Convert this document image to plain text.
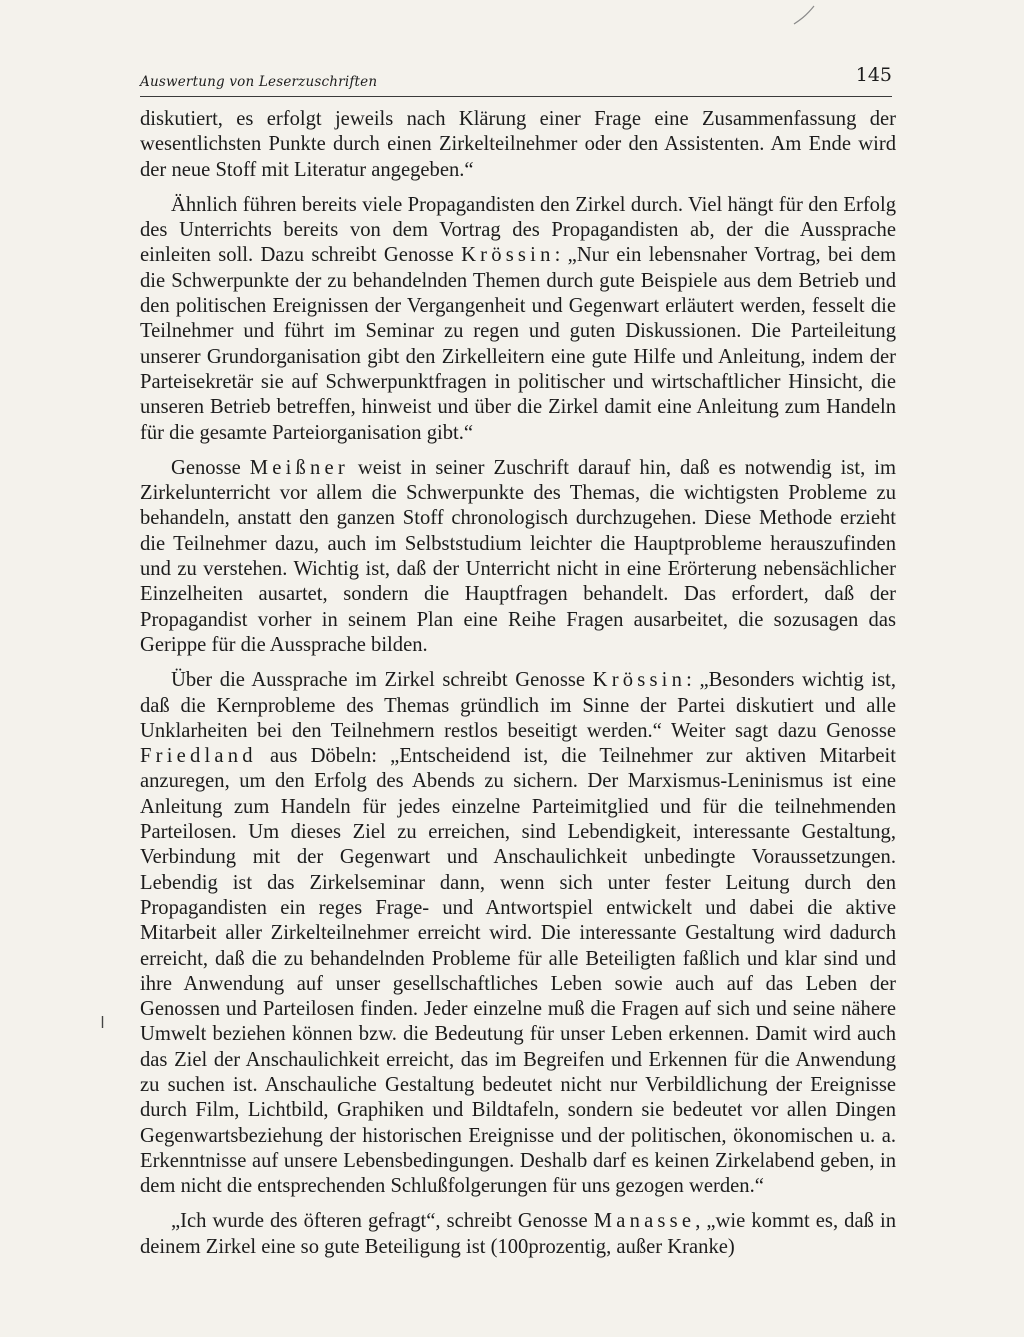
Auswertung von Leserzuschriften	145

diskutiert, es erfolgt jeweils nach Klärung einer Frage eine Zusammenfassung der wesentlichsten Punkte durch einen Zirkelteilnehmer oder den Assistenten. Am Ende wird der neue Stoff mit Literatur angegeben.“

Ähnlich führen bereits viele Propagandisten den Zirkel durch. Viel hängt für den Erfolg des Unterrichts bereits von dem Vortrag des Propagandisten ab, der die Aussprache einleiten soll. Dazu schreibt Genosse Krössin: „Nur ein lebensnaher Vortrag, bei dem die Schwerpunkte der zu behandelnden Themen durch gute Beispiele aus dem Betrieb und den politischen Ereignissen der Vergangenheit und Gegenwart erläutert werden, fesselt die Teilnehmer und führt im Seminar zu regen und guten Diskussionen. Die Parteileitung unserer Grundorganisation gibt den Zirkelleitern eine gute Hilfe und Anleitung, indem der Parteisekretär sie auf Schwerpunktfragen in politischer und wirtschaftlicher Hinsicht, die unseren Betrieb betreffen, hinweist und über die Zirkel damit eine Anleitung zum Handeln für die gesamte Parteiorganisation gibt.“

Genosse Meißner weist in seiner Zuschrift darauf hin, daß es notwendig ist, im Zirkelunterricht vor allem die Schwerpunkte des Themas, die wichtigsten Probleme zu behandeln, anstatt den ganzen Stoff chronologisch durchzugehen. Diese Methode erzieht die Teilnehmer dazu, auch im Selbststudium leichter die Hauptprobleme herauszufinden und zu verstehen. Wichtig ist, daß der Unterricht nicht in eine Erörterung nebensächlicher Einzelheiten ausartet, sondern die Hauptfragen behandelt. Das erfordert, daß der Propagandist vorher in seinem Plan eine Reihe Fragen ausarbeitet, die sozusagen das Gerippe für die Aussprache bilden.

Über die Aussprache im Zirkel schreibt Genosse Krössin: „Besonders wichtig ist, daß die Kernprobleme des Themas gründlich im Sinne der Partei diskutiert und alle Unklarheiten bei den Teilnehmern restlos beseitigt werden.“ Weiter sagt dazu Genosse Friedland aus Döbeln: „Entscheidend ist, die Teilnehmer zur aktiven Mitarbeit anzuregen, um den Erfolg des Abends zu sichern. Der Marxismus-Leninismus ist eine Anleitung zum Handeln für jedes einzelne Parteimitglied und für die teilnehmenden Parteilosen. Um dieses Ziel zu erreichen, sind Lebendigkeit, interessante Gestaltung, Verbindung mit der Gegenwart und Anschaulichkeit unbedingte Voraussetzungen. Lebendig ist das Zirkelseminar dann, wenn sich unter fester Leitung durch den Propagandisten ein reges Frage- und Antwortspiel entwickelt und dabei die aktive Mitarbeit aller Zirkelteilnehmer erreicht wird. Die interessante Gestaltung wird dadurch erreicht, daß die zu behandelnden Probleme für alle Beteiligten faßlich und klar sind und ihre Anwendung auf unser gesellschaftliches Leben sowie auch auf das Leben der Genossen und Parteilosen finden. Jeder einzelne muß die Fragen auf sich und seine nähere Umwelt beziehen können bzw. die Bedeutung für unser Leben erkennen. Damit wird auch das Ziel der Anschaulichkeit erreicht, das im Begreifen und Erkennen für die Anwendung zu suchen ist. Anschauliche Gestaltung bedeutet nicht nur Verbildlichung der Ereignisse durch Film, Lichtbild, Graphiken und Bildtafeln, sondern sie bedeutet vor allen Dingen Gegenwartsbeziehung der historischen Ereignisse und der politischen, ökonomischen u. a. Erkenntnisse auf unsere Lebensbedingungen. Deshalb darf es keinen Zirkelabend geben, in dem nicht die entsprechenden Schlußfolgerungen für uns gezogen werden.“

„Ich wurde des öfteren gefragt“, schreibt Genosse Manasse, „wie kommt es, daß in deinem Zirkel eine so gute Beteiligung ist (100prozentig, außer Kranke)
